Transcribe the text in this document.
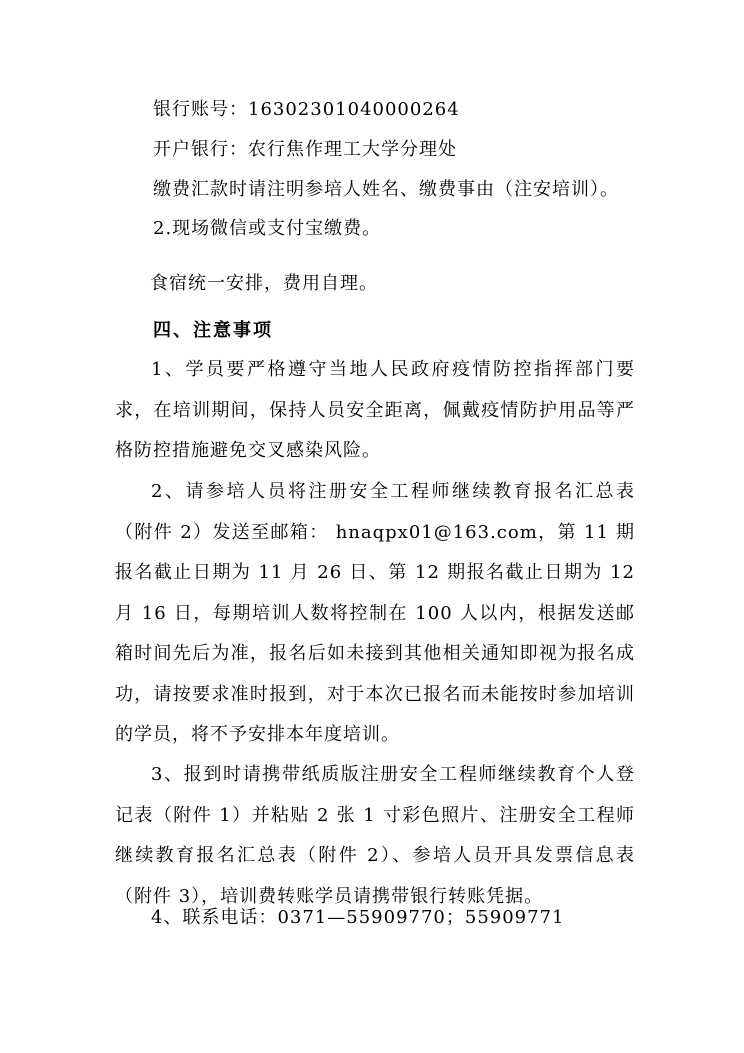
银行账号：16302301040000264
开户银行：农行焦作理工大学分理处
缴费汇款时请注明参培人姓名、缴费事由（注安培训）。
2.现场微信或支付宝缴费。
食宿统一安排，费用自理。
四、注意事项
1、学员要严格遵守当地人民政府疫情防控指挥部门要求，在培训期间，保持人员安全距离，佩戴疫情防护用品等严格防控措施避免交叉感染风险。
2、请参培人员将注册安全工程师继续教育报名汇总表（附件 2）发送至邮箱： hnaqpx01@163.com，第 11 期报名截止日期为 11 月 26 日、第 12 期报名截止日期为 12 月 16 日，每期培训人数将控制在 100 人以内，根据发送邮箱时间先后为准，报名后如未接到其他相关通知即视为报名成功，请按要求准时报到，对于本次已报名而未能按时参加培训的学员，将不予安排本年度培训。
3、报到时请携带纸质版注册安全工程师继续教育个人登记表（附件 1）并粘贴 2 张 1 寸彩色照片、注册安全工程师继续教育报名汇总表（附件 2）、参培人员开具发票信息表（附件 3），培训费转账学员请携带银行转账凭据。
4、联系电话：0371—55909770；55909771
